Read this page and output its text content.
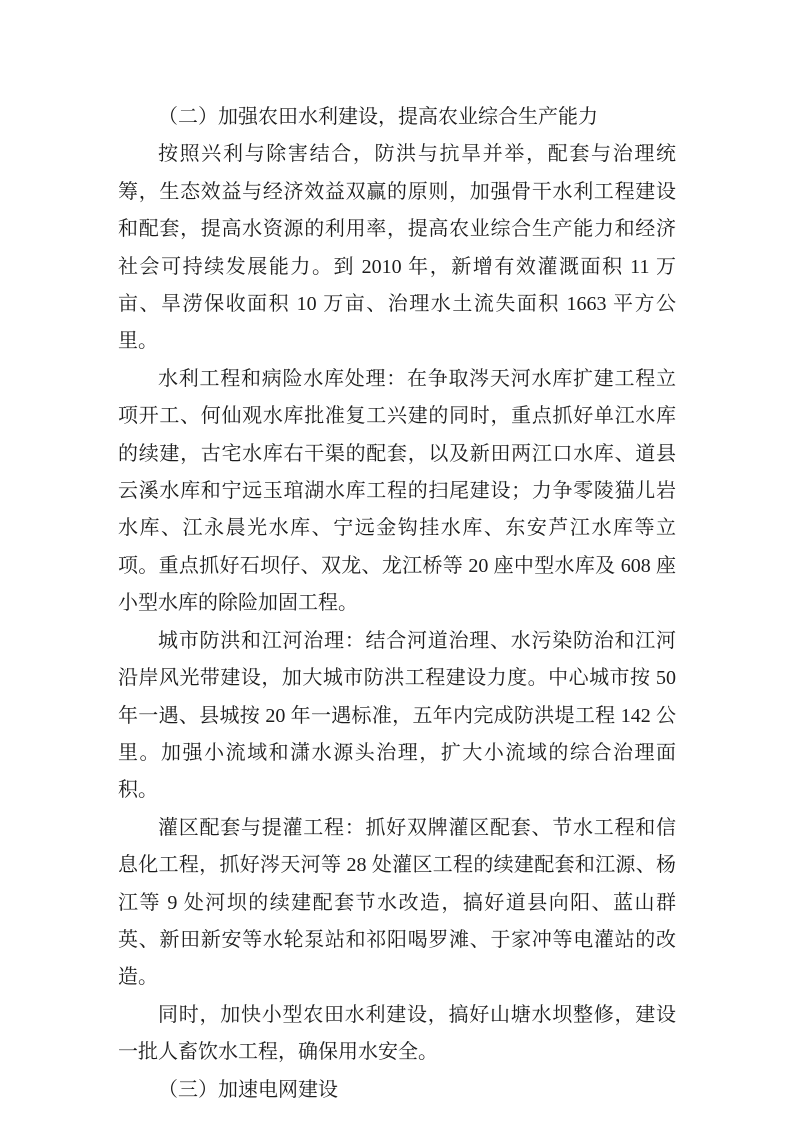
（二）加强农田水利建设，提高农业综合生产能力

按照兴利与除害结合，防洪与抗旱并举，配套与治理统筹，生态效益与经济效益双赢的原则，加强骨干水利工程建设和配套，提高水资源的利用率，提高农业综合生产能力和经济社会可持续发展能力。到 2010 年，新增有效灌溉面积 11 万亩、旱涝保收面积 10 万亩、治理水土流失面积 1663 平方公里。

水利工程和病险水库处理：在争取涔天河水库扩建工程立项开工、何仙观水库批准复工兴建的同时，重点抓好单江水库的续建，古宅水库右干渠的配套，以及新田两江口水库、道县云溪水库和宁远玉琯湖水库工程的扫尾建设；力争零陵猫儿岩水库、江永晨光水库、宁远金钩挂水库、东安芦江水库等立项。重点抓好石坝仔、双龙、龙江桥等 20 座中型水库及 608 座小型水库的除险加固工程。

城市防洪和江河治理：结合河道治理、水污染防治和江河沿岸风光带建设，加大城市防洪工程建设力度。中心城市按 50 年一遇、县城按 20 年一遇标准，五年内完成防洪堤工程 142 公里。加强小流域和潇水源头治理，扩大小流域的综合治理面积。

灌区配套与提灌工程：抓好双牌灌区配套、节水工程和信息化工程，抓好涔天河等 28 处灌区工程的续建配套和江源、杨江等 9 处河坝的续建配套节水改造，搞好道县向阳、蓝山群英、新田新安等水轮泵站和祁阳喝罗滩、于家冲等电灌站的改造。

同时，加快小型农田水利建设，搞好山塘水坝整修，建设一批人畜饮水工程，确保用水安全。

（三）加速电网建设
